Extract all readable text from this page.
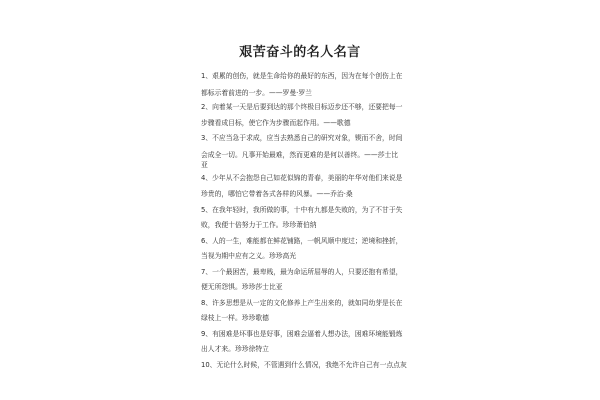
艰苦奋斗的名人名言
1、艰累的创伤，就是生命给你的最好的东西，因为在每个创伤上在
都标示着前进的一步。——罗曼·罗兰
2、向着某一天是后要到达的那个终极目标迈步还不够，还要把每一
步骤看成目标，使它作为步骤而起作用。——歌德
3、不应当急于求成，应当去熟悉自己的研究对象，锲而不舍，时间
会成全一切。凡事开始最难，然而更难的是何以善终。——莎士比
亚
4、少年从不会抱怨自己如花似锦的青春，美丽的年华对他们来说是
珍贵的，哪怕它带着各式各样的风暴。——乔治·桑
5、在我年轻时，我所做的事，十中有九都是失败的，为了不甘于失
败，我便十倍努力于工作。珍珍萧伯纳
6、人的一生，难能都在鲜花铺路，一帆风顺中度过；逆境和挫折，
当视为期中应有之义。珍珍高光
7、一个最困苦，最卑贱，最为命运所屈辱的人，只要还抱有希望，
便无所怨惧。珍珍莎士比亚
8、许多思想是从一定的文化修养上产生出来的，就如同幼芽是长在
绿枝上一样。珍珍歌德
9、有困难是坏事也是好事，困难会逼着人想办法，困难环境能锻炼
出人才来。珍珍徐特立
10、无论什么时候，不管遇到什么情况，我绝不允许自己有一点点灰
